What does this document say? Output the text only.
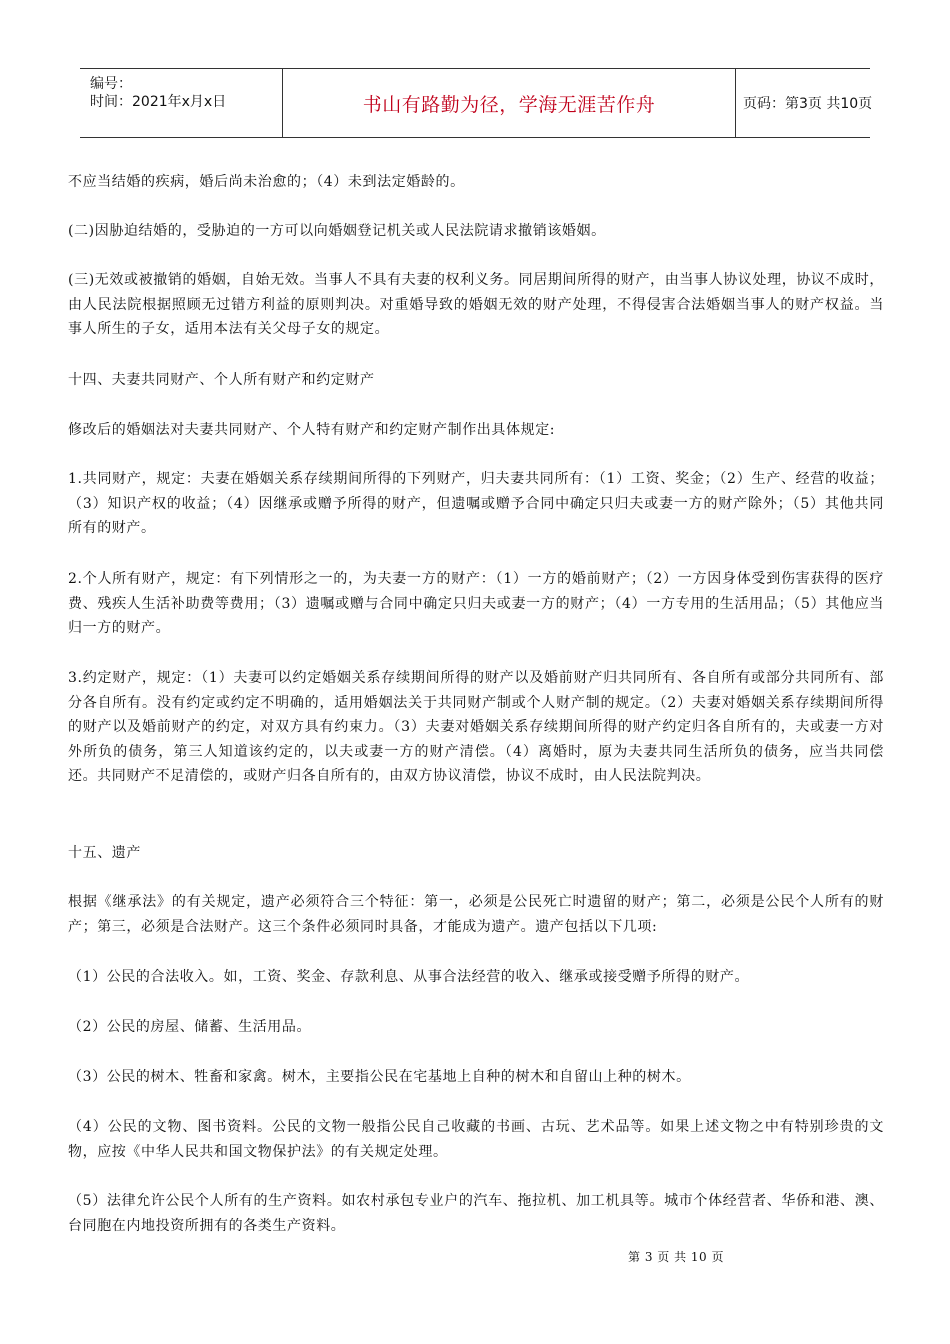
编号：
时间：2021年x月x日	书山有路勤为径，学海无涯苦作舟	页码：第3页 共10页
不应当结婚的疾病，婚后尚未治愈的；（4）未到法定婚龄的。
(二)因胁迫结婚的，受胁迫的一方可以向婚姻登记机关或人民法院请求撤销该婚姻。
(三)无效或被撤销的婚姻，自始无效。当事人不具有夫妻的权利义务。同居期间所得的财产，由当事人协议处理，协议不成时，由人民法院根据照顾无过错方利益的原则判决。对重婚导致的婚姻无效的财产处理，不得侵害合法婚姻当事人的财产权益。当事人所生的子女，适用本法有关父母子女的规定。
十四、夫妻共同财产、个人所有财产和约定财产
修改后的婚姻法对夫妻共同财产、个人特有财产和约定财产制作出具体规定:
1.共同财产，规定：夫妻在婚姻关系存续期间所得的下列财产，归夫妻共同所有：（1）工资、奖金；（2）生产、经营的收益；（3）知识产权的收益；（4）因继承或赠予所得的财产，但遗嘱或赠予合同中确定只归夫或妻一方的财产除外；（5）其他共同所有的财产。
2.个人所有财产，规定：有下列情形之一的，为夫妻一方的财产：（1）一方的婚前财产；（2）一方因身体受到伤害获得的医疗费、残疾人生活补助费等费用；（3）遗嘱或赠与合同中确定只归夫或妻一方的财产；（4）一方专用的生活用品；（5）其他应当归一方的财产。
3.约定财产，规定：（1）夫妻可以约定婚姻关系存续期间所得的财产以及婚前财产归共同所有、各自所有或部分共同所有、部分各自所有。没有约定或约定不明确的，适用婚姻法关于共同财产制或个人财产制的规定。（2）夫妻对婚姻关系存续期间所得的财产以及婚前财产的约定，对双方具有约束力。（3）夫妻对婚姻关系存续期间所得的财产约定归各自所有的，夫或妻一方对外所负的债务，第三人知道该约定的，以夫或妻一方的财产清偿。（4）离婚时，原为夫妻共同生活所负的债务，应当共同偿还。共同财产不足清偿的，或财产归各自所有的，由双方协议清偿，协议不成时，由人民法院判决。
十五、遗产
根据《继承法》的有关规定，遗产必须符合三个特征：第一，必须是公民死亡时遗留的财产；第二，必须是公民个人所有的财产；第三，必须是合法财产。这三个条件必须同时具备，才能成为遗产。遗产包括以下几项:
（1）公民的合法收入。如，工资、奖金、存款利息、从事合法经营的收入、继承或接受赠予所得的财产。
（2）公民的房屋、储蓄、生活用品。
（3）公民的树木、牲畜和家禽。树木，主要指公民在宅基地上自种的树木和自留山上种的树木。
（4）公民的文物、图书资料。公民的文物一般指公民自己收藏的书画、古玩、艺术品等。如果上述文物之中有特别珍贵的文物，应按《中华人民共和国文物保护法》的有关规定处理。
（5）法律允许公民个人所有的生产资料。如农村承包专业户的汽车、拖拉机、加工机具等。城市个体经营者、华侨和港、澳、台同胞在内地投资所拥有的各类生产资料。
第 3 页 共 10 页
